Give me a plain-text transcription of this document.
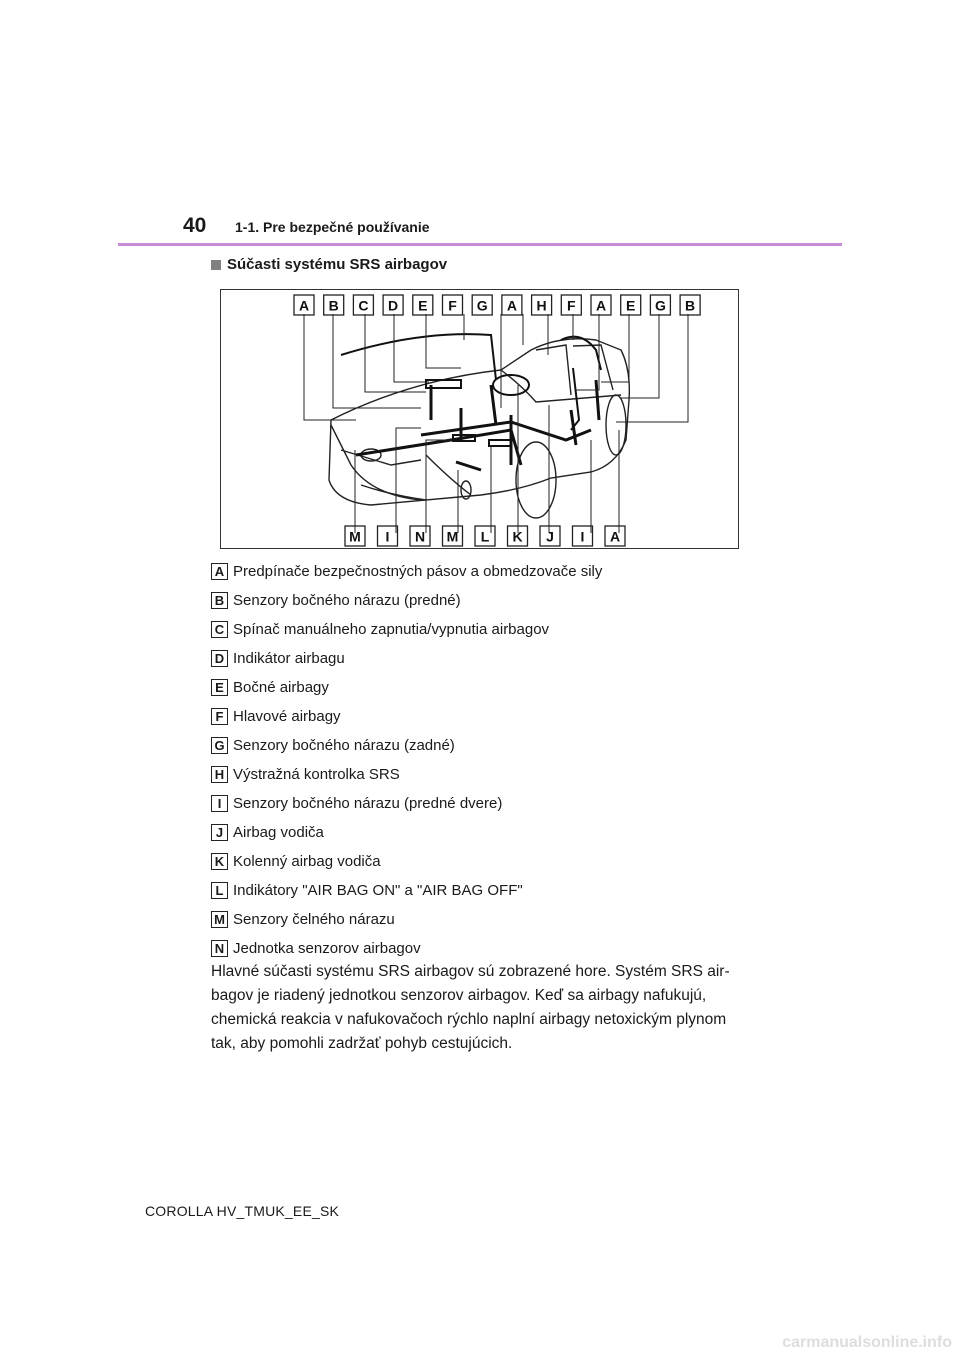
40 1-1. Pre bezpečné používanie
Súčasti systému SRS airbagov
A B C D E F G A H F A E G B
M I N M L K J I A
A Predpínače bezpečnostných pásov a obmedzovače sily
B Senzory bočného nárazu (predné)
C Spínač manuálneho zapnutia/vypnutia airbagov
D Indikátor airbagu
E Bočné airbagy
F Hlavové airbagy
G Senzory bočného nárazu (zadné)
H Výstražná kontrolka SRS
I Senzory bočného nárazu (predné dvere)
J Airbag vodiča
K Kolenný airbag vodiča
L Indikátory "AIR BAG ON" a "AIR BAG OFF"
M Senzory čelného nárazu
N Jednotka senzorov airbagov
Hlavné súčasti systému SRS airbagov sú zobrazené hore. Systém SRS air-
bagov je riadený jednotkou senzorov airbagov. Keď sa airbagy nafukujú,
chemická reakcia v nafukovačoch rýchlo naplní airbagy netoxickým plynom
tak, aby pomohli zadržať pohyb cestujúcich.
COROLLA HV_TMUK_EE_SK
carmanualsonline.info
